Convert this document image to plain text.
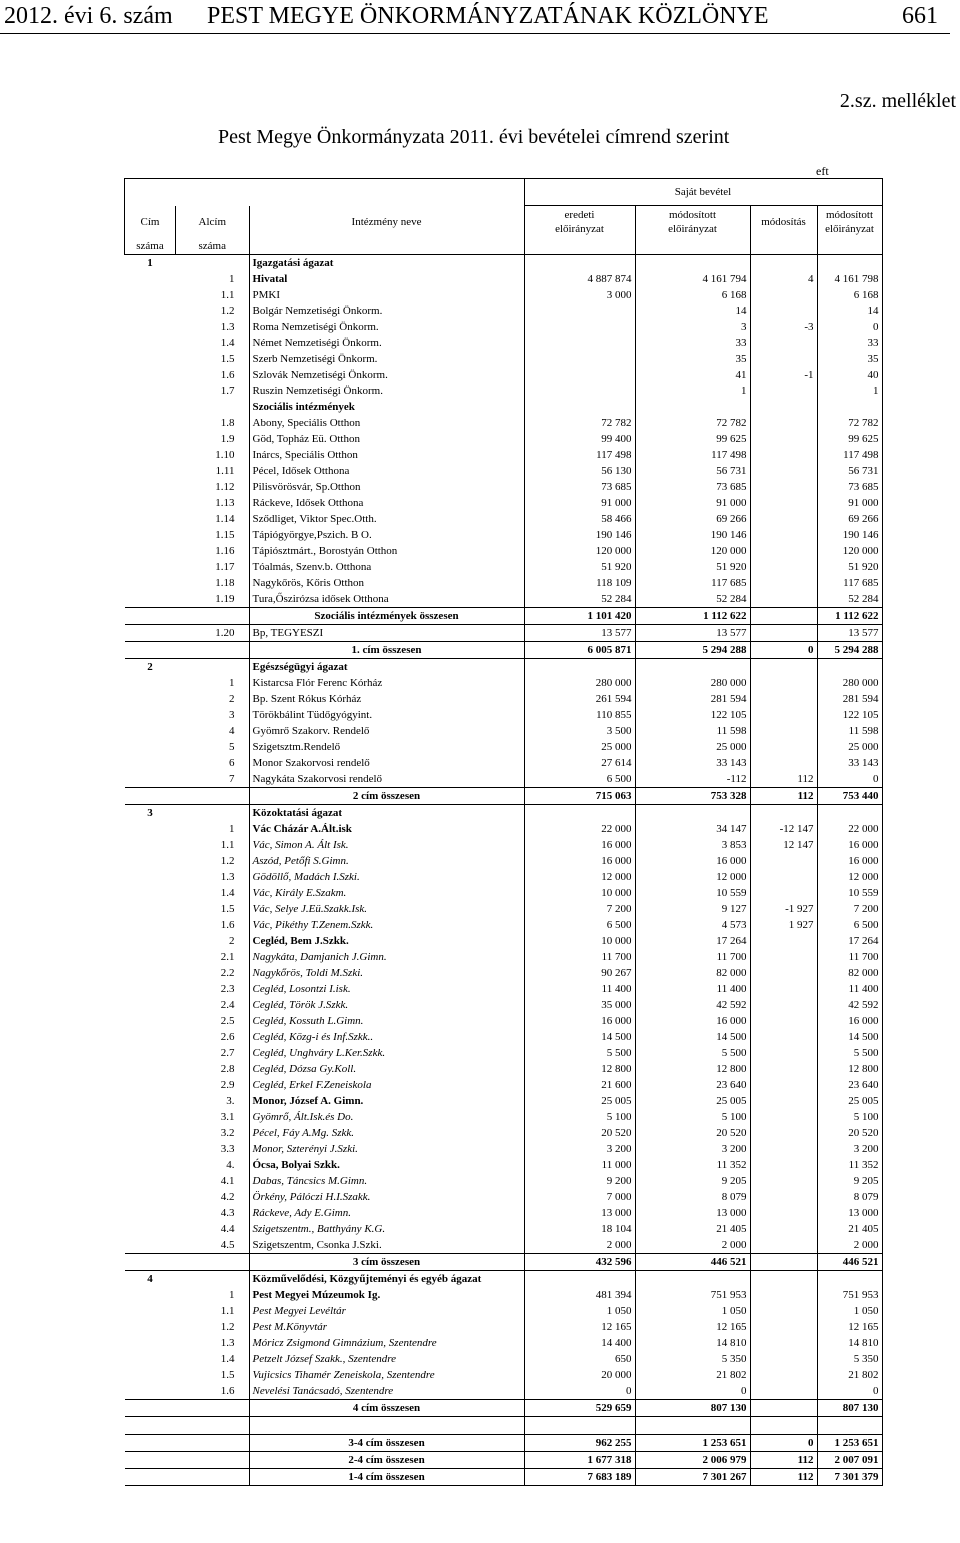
2012. évi 6. szám PEST MEGYE ÖNKORMÁNYZATÁNAK KÖZLÖNYE	661
2.sz. melléklet
Pest Megye Önkormányzata 2011. évi bevételei címrend szerint
eft
			Saját bevétel			
Cím	Alcím	Intézmény neve	eredeti
előirányzat	módosított
előirányzat	módosítás	módosított
előirányzat
száma	száma					
1		Igazgatási ágazat				
	1	Hivatal	4 887 874	4 161 794	4	4 161 798
	1.1	PMKI	3 000	6 168		6 168
	1.2	Bolgár Nemzetiségi Önkorm.		14		14
	1.3	Roma Nemzetiségi Önkorm.		3	-3	0
	1.4	Német Nemzetiségi Önkorm.		33		33
	1.5	Szerb Nemzetiségi Önkorm.		35		35
	1.6	Szlovák Nemzetiségi Önkorm.		41	-1	40
	1.7	Ruszin Nemzetiségi Önkorm.		1		1
		Szociális intézmények				
	1.8	Abony, Speciális Otthon	72 782	72 782		72 782
	1.9	Göd, Topház Eü. Otthon	99 400	99 625		99 625
	1.10	Inárcs, Speciális Otthon	117 498	117 498		117 498
	1.11	Pécel, Idősek Otthona	56 130	56 731		56 731
	1.12	Pilisvörösvár, Sp.Otthon	73 685	73 685		73 685
	1.13	Ráckeve, Idősek Otthona	91 000	91 000		91 000
	1.14	Sződliget, Viktor Spec.Otth.	58 466	69 266		69 266
	1.15	Tápiógyörgye,Pszich. B O.	190 146	190 146		190 146
	1.16	Tápiósztmárt., Borostyán Otthon	120 000	120 000		120 000
	1.17	Tóalmás, Szenv.b. Otthona	51 920	51 920		51 920
	1.18	Nagykőrös, Kőris Otthon	118 109	117 685		117 685
	1.19	Tura,Őszirózsa idősek Otthona	52 284	52 284		52 284
		Szociális intézmények összesen	1 101 420	1 112 622		1 112 622
	1.20	Bp, TEGYESZI	13 577	13 577		13 577
		1. cím összesen	6 005 871	5 294 288	0	5 294 288
2		Egészségügyi ágazat				
	1	Kistarcsa Flór Ferenc Kórház	280 000	280 000		280 000
	2	Bp. Szent Rókus Kórház	261 594	281 594		281 594
	3	Törökbálint Tüdőgyógyint.	110 855	122 105		122 105
	4	Gyömrő Szakorv. Rendelő	3 500	11 598		11 598
	5	Szigetsztm.Rendelő	25 000	25 000		25 000
	6	Monor Szakorvosi rendelő	27 614	33 143		33 143
	7	Nagykáta Szakorvosi rendelő	6 500	-112	112	0
		2 cím összesen	715 063	753 328	112	753 440
3		Közoktatási ágazat				
	1	Vác Cházár A.Ált.isk	22 000	34 147	-12 147	22 000
	1.1	Vác, Simon A. Ált Isk.	16 000	3 853	12 147	16 000
	1.2	Aszód, Petőfi S.Gimn.	16 000	16 000		16 000
	1.3	Gödöllő, Madách I.Szki.	12 000	12 000		12 000
	1.4	Vác, Király E.Szakm.	10 000	10 559		10 559
	1.5	Vác, Selye J.Eü.Szakk.Isk.	7 200	9 127	-1 927	7 200
	1.6	Vác, Pikéthy T.Zenem.Szkk.	6 500	4 573	1 927	6 500
	2	Cegléd, Bem J.Szkk.	10 000	17 264		17 264
	2.1	Nagykáta, Damjanich J.Gimn.	11 700	11 700		11 700
	2.2	Nagykőrös, Toldi M.Szki.	90 267	82 000		82 000
	2.3	Cegléd, Losontzi I.isk.	11 400	11 400		11 400
	2.4	Cegléd, Török J.Szkk.	35 000	42 592		42 592
	2.5	Cegléd, Kossuth L.Gimn.	16 000	16 000		16 000
	2.6	Cegléd, Közg-i és Inf.Szkk..	14 500	14 500		14 500
	2.7	Cegléd, Unghváry L.Ker.Szkk.	5 500	5 500		5 500
	2.8	Cegléd, Dózsa Gy.Koll.	12 800	12 800		12 800
	2.9	Cegléd, Erkel F.Zeneiskola	21 600	23 640		23 640
	3.	Monor, József A. Gimn.	25 005	25 005		25 005
	3.1	Gyömrő, Ált.Isk.és Do.	5 100	5 100		5 100
	3.2	Pécel, Fáy A.Mg. Szkk.	20 520	20 520		20 520
	3.3	Monor, Szterényi J.Szki.	3 200	3 200		3 200
	4.	Ócsa, Bolyai Szkk.	11 000	11 352		11 352
	4.1	Dabas, Táncsics M.Gimn.	9 200	9 205		9 205
	4.2	Örkény, Pálóczi H.I.Szakk.	7 000	8 079		8 079
	4.3	Ráckeve, Ady E.Gimn.	13 000	13 000		13 000
	4.4	Szigetszentm., Batthyány K.G.	18 104	21 405		21 405
	4.5	Szigetszentm, Csonka J.Szki.	2 000	2 000		2 000
		3 cím összesen	432 596	446 521		446 521
4		Közművelődési, Közgyűjteményi és egyéb ágazat				
	1	Pest Megyei Múzeumok Ig.	481 394	751 953		751 953
	1.1	Pest Megyei Levéltár	1 050	1 050		1 050
	1.2	Pest M.Könyvtár	12 165	12 165		12 165
	1.3	Móricz Zsigmond Gimnázium, Szentendre	14 400	14 810		14 810
	1.4	Petzelt József Szakk., Szentendre	650	5 350		5 350
	1.5	Vujicsics Tihamér Zeneiskola, Szentendre	20 000	21 802		21 802
	1.6	Nevelési Tanácsadó, Szentendre	0	0		0
		4 cím összesen	529 659	807 130		807 130

		3-4 cím összesen	962 255	1 253 651	0	1 253 651
		2-4 cím összesen	1 677 318	2 006 979	112	2 007 091
		1-4 cím összesen	7 683 189	7 301 267	112	7 301 379
